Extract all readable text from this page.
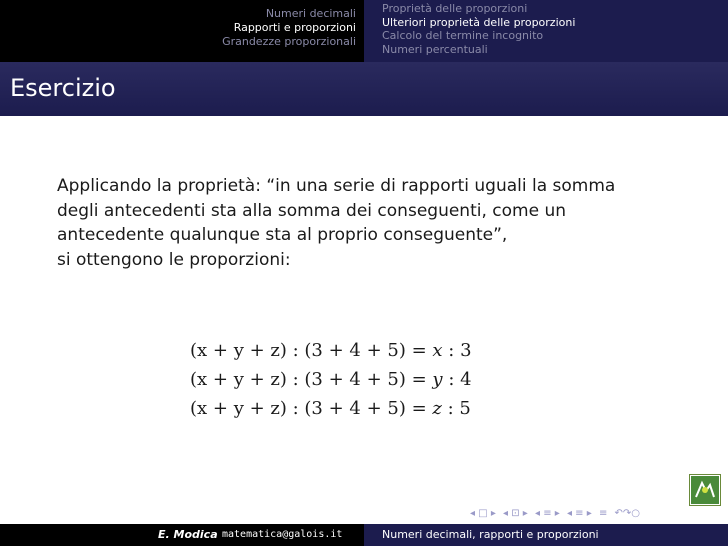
Numeri decimali
Rapporti e proporzioni
Grandezze proporzionali
Proprietà delle proporzioni
Ulteriori proprietà delle proporzioni
Calcolo del termine incognito
Numeri percentuali
Esercizio
Applicando la proprietà: “in una serie di rapporti uguali la somma
degli antecedenti sta alla somma dei conseguenti, come un
antecedente qualunque sta al proprio conseguente”,
si ottengono le proporzioni:
(x + y + z) : (3 + 4 + 5) = x : 3
(x + y + z) : (3 + 4 + 5) = y : 4
(x + y + z) : (3 + 4 + 5) = z : 5
◂ □ ▸ ◂ ⊡ ▸ ◂ ≡ ▸ ◂ ≡ ▸ ≡ ↶↷○
E. Modica matematica@galois.it	Numeri decimali, rapporti e proporzioni
